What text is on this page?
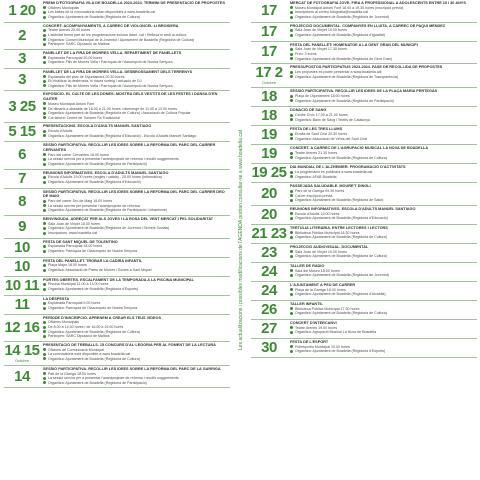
1 20 PREMI D'FOTOGRAFIA VILA DE BOADELLA 2023-2024. TERMINI DE PRESENTACIÓ DE PROPOSTES
Oficines Municipals
Les bases de la convocatòria estan disponibles a www.boadella.cat
Organitza: Ajuntament de Boadella (Regidoria de Cultura)
2
CONCERT: ACOMPANYAMENTS, A CÀRREC DE VIOLONCEL·LI BROIDERA
Teatre Arenes 20.00 hores
L'activitat forma part de les programacions inclosa ticket .cat / Reflexa'm amb la cultura
Organitza: Consell Municipal de la Joventut i Ajuntament de Boadella (Regidoria de Cultura)
Participen: SARC Diputació de Malbos
3	PANELLET DE LA FIRA DE MORRES VELLA. REPARTIMENT DE PANELLETS
Esplanada Parroquial 20.00 hores
Organitza: Fills de Morres Vella / Parròquia de l'Assumpció de Nostra Senyora
3	PANELLET DE LA FIRA DE MORRES VELLA. DESBROSSAMENT DELS TERRENYS
Esplanada del parc de l'Ajuntament 20.30 hores
En finalitzar la desbrossa, hi haurà sorteig i actuació de DJ
Organitza: Fills de Morres Vella / Parròquia de l'Assumpció de Nostra Senyora
3 25
EXPOSICIÓ. EL CULTE DE LES DONES: MOSTRA DELS VESTITS DE LES FESTES I DANSA D'EN GAITER
Museu Municipal Antoni Font
De dimarts a dissabte de 18.00 a 21.00 hores i diumenge de 11.00 a 13.00 hores
Organitza: Ajuntament de Boadella (Regidoria de Cultura) i Associació de Cultura Popular
Col·labora: Centre de Turisme Pa Tradicional
5 15 PRESENTACIONS. ESCOLA D'ADULTS MANUEL SANTIAGO
Escola d'Adults
Organitza: Ajuntament de Boadella (Regidoria d'Educació) - Escola d'Adults Manuel Santiago
6
SESSIÓ PARTICIPATIVA. RECOLLIR LES IDEES SOBRE LA REFORMA DEL PARC DEL CARRER CERVANTES
Parc del carrer Cervantes 18.00 hores
La sessió servirà per a presentar l'avantprojecte de reforma i recollir suggeriments
Organitza: Ajuntament de Boadella (Regidoria de Participació)
7	REUNIONS INFORMATIVES. ESCOLA D'ADULTS MANUEL SANTIAGO
Escola d'Adults 19.00 hores (anglès i català) - 20.00 hores (informàtica)
Organitza: Ajuntament de Boadella (Regidoria d'Educació)
8
SESSIÓ PARTICIPATIVA. RECOLLIR LES IDEES SOBRE LA REFORMA DEL PARC DEL CARRER DRO DE MAIG
Parc del carrer Dro de Maig 18.00 hores
La sessió servirà per presentar l'avantprojecte de reforma
Organitza: Ajuntament de Boadella (Regidoria de Participació i Urbanisme)
9	BENVINGUDA. ADREÇAT PER ALS JOVES I LA ROSA DEL VENT MERCAT I PEL SOLIDARITAT
Sala Joan de Vinyet 18.00 hores
Organitza: Ajuntament de Boadella (Regidoria de Joventut i Serveis Socials)
Inscripcions: www.boadella.cat
10	FESTA DE SANT MIQUEL DE TOLENTINO
Esplanada Parroquial 18.00 hores
Organitza: Parròquia de l'Assumpció de Nostra Senyora
10	FESTA DEL PANELLET. TROBAR LA CADIRA INFANTIL
Plaça Major 18.00 hores
Organitza: Associació de Pares de Morres i Sòcies a Sant Miquel
10 11 PORTES OBERTES. ESCALFAMENT DE LA TEMPORADA A LA PISCINA MUNICIPAL
Piscina Municipal 11.00 a 13.00 hores
Organitza: Ajuntament de Boadella (Regidoria d'Esports)
11	LA DESPESTA
Esplanada Parroquial 9.00 hores
Organitza: Parròquia de l'Assumpció de Nostra Senyora
12 16
PERÍODE D'INSCRIPCIÓ. APRENEM A CREAR ELS TEUS VÍDEOS
Oficines Municipals
De 8.00 a 14.00 hores i de 16.00 a 19.00 hores
Organitza: Ajuntament de Boadella (Regidoria de Cultura)
Participen: SARC Diputació de Malbos
14 15
Octubre
PRESENTACIÓ DE TREBALLS. 15 CONCURS D'AL·LEGORIA PER AL FOMENT DE LA LECTURA
Oficines de Comunicació Municipal
La convocatòria està disponible a www.boadella.cat
Organitza: Ajuntament de Boadella (Regidoria de Cultura)
14	SESSIÓ PARTICIPATIVA. RECOLLIR LES IDEES SOBRE LA REFORMA DEL PARC DE LA GARRIGA
Pati de la Garriga 18.00 hores
La sessió servirà per a presentar l'avantprojecte de reforma i recollir suggeriments
Organitza: Ajuntament de Boadella (Regidoria de Participació)
Les actualitzacions i possibles modificacions de l'AGENDA podran consultar-se a www.boadella.cat
17	MERCAT DE FOTOGRAFIA JOVE. FIRA A PROFESSIONAL A ADOLESCENTS ENTRE 15 I 30 ANYS
Museu Municipal Antoni Font 18.00 a 19.30 hores (inscripció prèvia)
Inscripcions al correu fotografia@boadella.cat
Organitza: Ajuntament de Boadella (Regidoria de Joventut)
17	PROJECCIÓ DOCUMENTAL. COMPANYES EN LLUITA, A CÀRREC DE PAQUI MÉNDEZ
Sala Joan de Vinyet 19.00 hores
Organitza: Ajuntament de Boadella (Regidoria d'Igualtat)
17	FESTA DEL PANELLET: HOMENATGE A LA GENT GRAN DEL MUNICIPI
Sala Joan de Vinyet 17.30 hores
Preu: 3 euros
Organitza: Ajuntament de Boadella (Regidoria de Gent Gran)
17 2
Octubre
PRESSUPOSTOS PARTICIPATIUS 2023-2024. FASE DE RECOLLIDA DE PROPOSTES
Les propostes es poden presentar a www.boadella.cat
Organitza: Ajuntament de Boadella (Regidoria de Transparència)
18	SESSIÓ PARTICIPATIVA. RECOLLIR LES IDEES DE LA PLAÇA MARIA PERTEGÀS
Plaça de l'Ajuntament 18.00 hores
Organitza: Ajuntament de Boadella (Regidoria de Participació)
18	DONACIÓ DE SANG
Centre Cívic 17.00 a 21.00 hores
Organitza: Banc de Sang i Teixits de Catalunya
19	FESTA DE LES TRES LLUMS
Ermita de Sant Crist 20.30 hores
Organitza: Associació de Veïns del Sant Crist
19	CONCERT. A CÀRREC DE L'AGRUPACIÓ MUSICAL LA NOVA DE BOADELLA
Teatre Arenes 21.30 hores
Organitza: Ajuntament de Boadella (Regidoria de Cultura)
19 25 DIA MUNDIAL DE L'ALZHEIMER. PROGRAMACIÓ D'ACTIVITATS
La programació es publicarà a www.boadella.cat
Organitza: AFAB Boadella
20	PASSEJADA SALUDABLE. MOURE'T DINGLI
Parc de la Garriga 09.30 hores
Cal fer inscripció prèvia
Organitza: Ajuntament de Boadella (Regidoria de Salut)
20	REUNIONS INFORMATIVES. ESCOLA D'ADULTS MANUEL SANTIAGO
Escola d'Adults 19.00 hores
Organitza: Ajuntament de Boadella (Regidoria d'Educació)
21 23 TERTÚLIA LITERÀRIA. ENTRE LECTORES I LECTORS
Biblioteca Pública Municipal 18.30 hores
Organitza: Ajuntament de Boadella (Regidoria de Cultura)
23	PROJECCIÓ AUDIOVISUAL. DOCUMENTAL
Sala Joan de Vinyet 19.00 hores
Organitza: Ajuntament de Boadella (Regidoria de Cultura)
24	TALLER DE RÀDIO
Sala del Museu 18.00 hores
Organitza: Ajuntament de Boadella (Regidoria de Joventut)
24	L'AJUNTAMENT A PEU DE CARRER
Plaça de la Garriga 18.00 hores
Organitza: Ajuntament de Boadella (Regidoria d'Alcaldia)
26	TALLER INFANTIL
Biblioteca Pública Municipal 17.30 hores
Organitza: Ajuntament de Boadella (Regidoria de Cultura)
27	CONCERT D'INTERCANVI
Teatre Arenes 19.00 hores
Organitza: Agrupació Musical La Nova de Boadella
30	FESTA DE L'ESPORT
Poliesportiu Municipal 10.00 hores
Organitza: Ajuntament de Boadella (Regidoria d'Esports)
